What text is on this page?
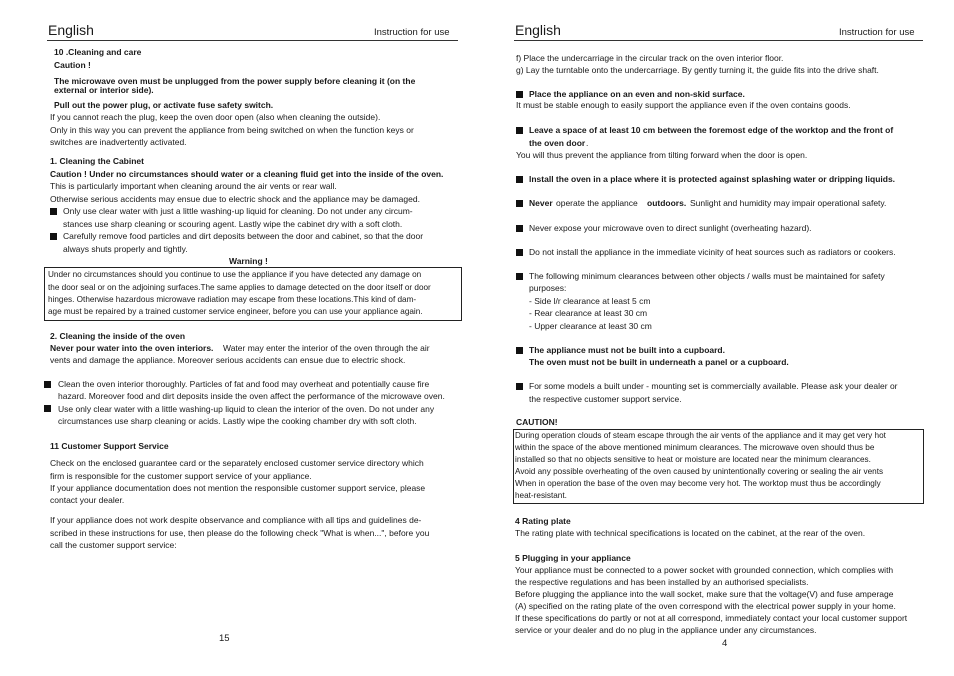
English	Instruction for use
10 .Cleaning and care
Caution !
The microwave oven must be unplugged from the power supply before cleaning it (on the
external or interior side).
Pull out the power plug, or activate fuse safety switch.
If you cannot reach the plug, keep the oven door open (also when cleaning the outside).
Only in this way you can prevent the appliance from being switched on when the function keys or
switches are inadvertently activated.
1. Cleaning the Cabinet
Caution ! Under no circumstances should water or a cleaning fluid get into the inside of the oven.
This is particularly important when cleaning around the air vents or rear wall.
Otherwise serious accidents may ensue due to electric shock and the appliance may be damaged.
Only use clear water with just a little washing-up liquid for cleaning. Do not under any circum-
stances use sharp cleaning or scouring agent. Lastly wipe the cabinet dry with a soft cloth.
Carefully remove food particles and dirt deposits between the door and cabinet, so that the door
always shuts properly and tightly.
Warning !
Under no circumstances should you continue to use the appliance if you have detected any damage on
the door seal or on the adjoining surfaces.The same applies to damage detected on the door itself or door
hinges. Otherwise hazardous microwave radiation may escape from these locations.This kind of dam-
age must be repaired by a trained customer service engineer, before you can use your appliance again.
2. Cleaning the inside of the oven
Never pour water into the oven interiors. Water may enter the interior of the oven through the air
vents and damage the appliance. Moreover serious accidents can ensue due to electric shock.
Clean the oven interior thoroughly. Particles of fat and food may overheat and potentially cause fire
hazard. Moreover food and dirt deposits inside the oven affect the performance of the microwave oven.
Use only clear water with a little washing-up liquid to clean the interior of the oven. Do not under any
circumstances use sharp cleaning or acids. Lastly wipe the cooking chamber dry with soft cloth.
11 Customer Support Service
Check on the enclosed guarantee card or the separately enclosed customer service directory which
firm is responsible for the customer support service of your appliance.
If your appliance documentation does not mention the responsible customer support service, please
contact your dealer.
If your appliance does not work despite observance and compliance with all tips and guidelines de-
scribed in these instructions for use, then please do the following check "What is when...", before you
call the customer support service:
15
English	Instruction for use
f) Place the undercarriage in the circular track on the oven interior floor.
g) Lay the turntable onto the undercarriage. By gently turning it, the guide fits into the drive shaft.
Place the appliance on an even and non-skid surface.
It must be stable enough to easily support the appliance even if the oven contains goods.
Leave a space of at least 10 cm between the foremost edge of the worktop and the front of
the oven door .
You will thus prevent the appliance from tilting forward when the door is open.
Install the oven in a place where it is protected against splashing water or dripping liquids.
Never operate the appliance outdoors. Sunlight and humidity may impair operational safety.
Never expose your microwave oven to direct sunlight (overheating hazard).
Do not install the appliance in the immediate vicinity of heat sources such as radiators or cookers.
The following minimum clearances between other objects / walls must be maintained for safety
purposes:
- Side l/r clearance at least 5 cm
- Rear clearance at least 30 cm
- Upper clearance at least 30 cm
The appliance must not be built into a cupboard.
The oven must not be built in underneath a panel or a cupboard.
For some models a built under - mounting set is commercially available. Please ask your dealer or
the respective customer support service.
CAUTION!
During operation clouds of steam escape through the air vents of the appliance and it may get very hot
within the space of the above mentioned minimum clearances. The microwave oven should thus be
installed so that no objects sensitive to heat or moisture are located near the minimum clearances.
Avoid any possible overheating of the oven caused by unintentionally covering or sealing the air vents
When in operation the base of the oven may become very hot. The worktop must thus be accordingly
heat-resistant.
4 Rating plate
The rating plate with technical specifications is located on the cabinet, at the rear of the oven.
5 Plugging in your appliance
Your appliance must be connected to a power socket with grounded connection, which complies with
the respective regulations and has been installed by an authorised specialists.
Before plugging the appliance into the wall socket, make sure that the voltage(V) and fuse amperage
(A) specified on the rating plate of the oven correspond with the electrical power supply in your home.
If these specifications do partly or not at all correspond, immediately contact your local customer support
service or your dealer and do no plug in the appliance under any circumstances.
4
